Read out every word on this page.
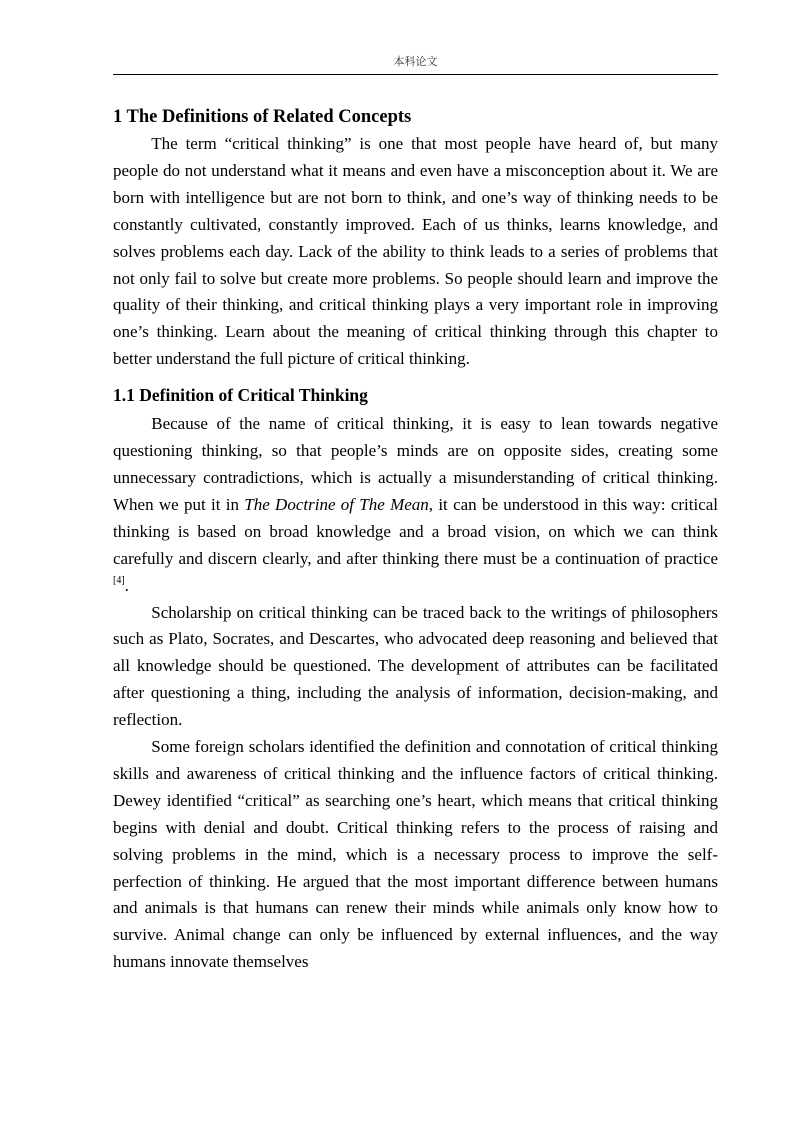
本科论文
1 The Definitions of Related Concepts

The term “critical thinking” is one that most people have heard of, but many people do not understand what it means and even have a misconception about it. We are born with intelligence but are not born to think, and one’s way of thinking needs to be constantly cultivated, constantly improved. Each of us thinks, learns knowledge, and solves problems each day. Lack of the ability to think leads to a series of problems that not only fail to solve but create more problems. So people should learn and improve the quality of their thinking, and critical thinking plays a very important role in improving one’s thinking. Learn about the meaning of critical thinking through this chapter to better understand the full picture of critical thinking.

1.1 Definition of Critical Thinking

Because of the name of critical thinking, it is easy to lean towards negative questioning thinking, so that people’s minds are on opposite sides, creating some unnecessary contradictions, which is actually a misunderstanding of critical thinking. When we put it in The Doctrine of The Mean, it can be understood in this way: critical thinking is based on broad knowledge and a broad vision, on which we can think carefully and discern clearly, and after thinking there must be a continuation of practice [4].

Scholarship on critical thinking can be traced back to the writings of philosophers such as Plato, Socrates, and Descartes, who advocated deep reasoning and believed that all knowledge should be questioned. The development of attributes can be facilitated after questioning a thing, including the analysis of information, decision-making, and reflection.

Some foreign scholars identified the definition and connotation of critical thinking skills and awareness of critical thinking and the influence factors of critical thinking. Dewey identified “critical” as searching one’s heart, which means that critical thinking begins with denial and doubt. Critical thinking refers to the process of raising and solving problems in the mind, which is a necessary process to improve the self-perfection of thinking. He argued that the most important difference between humans and animals is that humans can renew their minds while animals only know how to survive. Animal change can only be influenced by external influences, and the way humans innovate themselves
